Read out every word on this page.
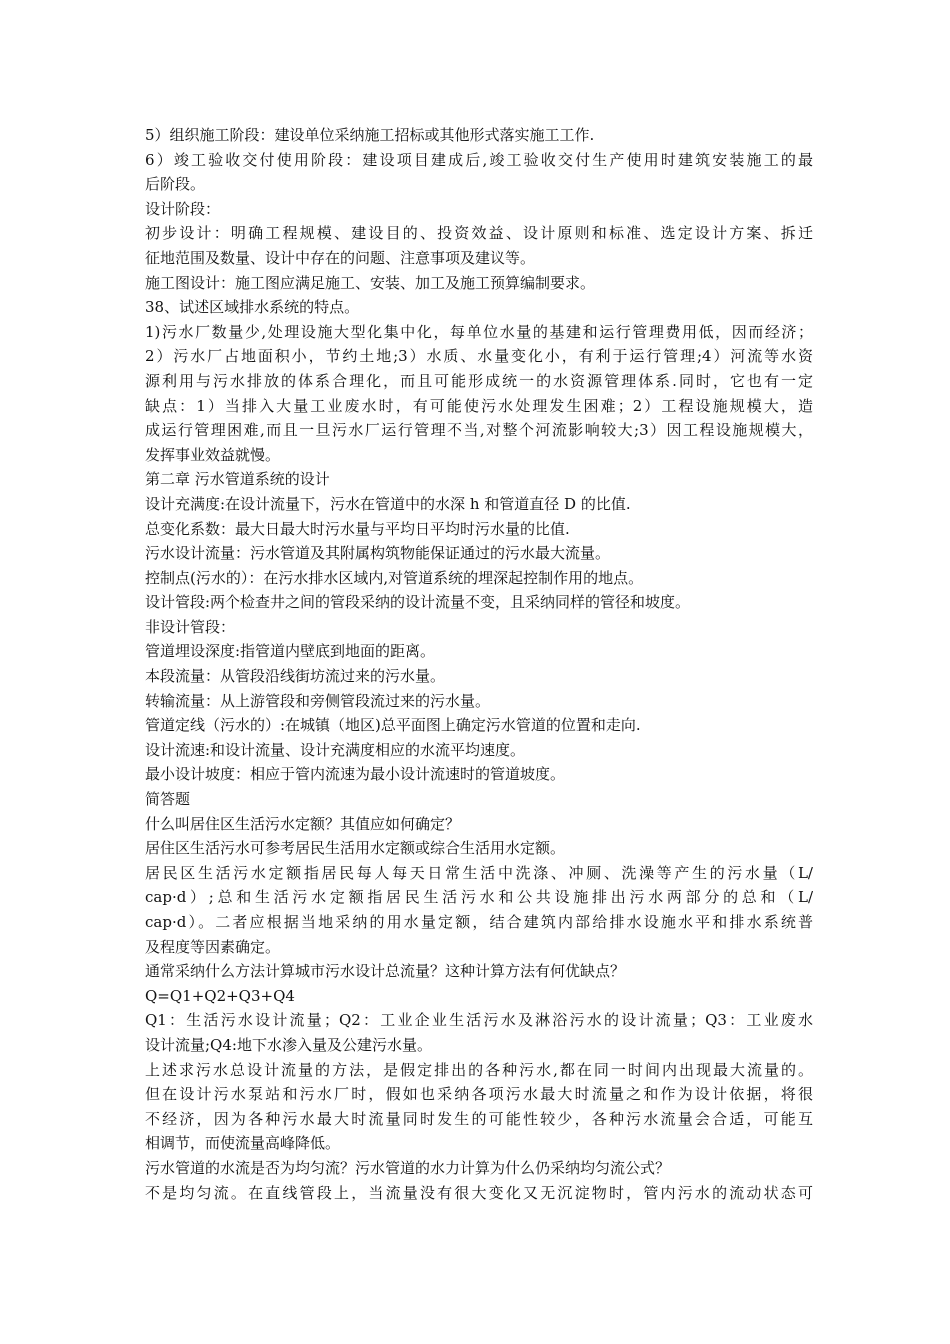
5）组织施工阶段：建设单位采纳施工招标或其他形式落实施工工作.
6）竣工验收交付使用阶段：建设项目建成后,竣工验收交付生产使用时建筑安装施工的最
后阶段。
设计阶段：
初步设计：明确工程规模、建设目的、投资效益、设计原则和标准、选定设计方案、拆迁
征地范围及数量、设计中存在的问题、注意事项及建议等。
施工图设计：施工图应满足施工、安装、加工及施工预算编制要求。
38、试述区域排水系统的特点。
1)污水厂数量少,处理设施大型化集中化，每单位水量的基建和运行管理费用低，因而经济；
2）污水厂占地面积小，节约土地;3）水质、水量变化小，有利于运行管理;4）河流等水资
源利用与污水排放的体系合理化，而且可能形成统一的水资源管理体系.同时，它也有一定
缺点：1）当排入大量工业废水时，有可能使污水处理发生困难；2）工程设施规模大，造
成运行管理困难,而且一旦污水厂运行管理不当,对整个河流影响较大;3）因工程设施规模大，
发挥事业效益就慢。
第二章 污水管道系统的设计
设计充满度:在设计流量下，污水在管道中的水深 h 和管道直径 D 的比值.
总变化系数：最大日最大时污水量与平均日平均时污水量的比值.
污水设计流量：污水管道及其附属构筑物能保证通过的污水最大流量。
控制点(污水的）：在污水排水区域内,对管道系统的埋深起控制作用的地点。
设计管段:两个检查井之间的管段采纳的设计流量不变，且采纳同样的管径和坡度。
非设计管段：
管道埋设深度:指管道内壁底到地面的距离。
本段流量：从管段沿线街坊流过来的污水量。
转输流量：从上游管段和旁侧管段流过来的污水量。
管道定线（污水的）:在城镇（地区)总平面图上确定污水管道的位置和走向.
设计流速:和设计流量、设计充满度相应的水流平均速度。
最小设计坡度：相应于管内流速为最小设计流速时的管道坡度。
简答题
什么叫居住区生活污水定额？其值应如何确定？
居住区生活污水可参考居民生活用水定额或综合生活用水定额。
居民区生活污水定额指居民每人每天日常生活中洗涤、冲厕、洗澡等产生的污水量（L/
cap·d）;总和生活污水定额指居民生活污水和公共设施排出污水两部分的总和（L/
cap·d）。二者应根据当地采纳的用水量定额，结合建筑内部给排水设施水平和排水系统普
及程度等因素确定。
通常采纳什么方法计算城市污水设计总流量？这种计算方法有何优缺点？
Q=Q1+Q2+Q3+Q4
Q1：生活污水设计流量；Q2：工业企业生活污水及淋浴污水的设计流量；Q3：工业废水
设计流量;Q4:地下水渗入量及公建污水量。
上述求污水总设计流量的方法，是假定排出的各种污水,都在同一时间内出现最大流量的。
但在设计污水泵站和污水厂时，假如也采纳各项污水最大时流量之和作为设计依据，将很
不经济，因为各种污水最大时流量同时发生的可能性较少，各种污水流量会合适，可能互
相调节，而使流量高峰降低。
污水管道的水流是否为均匀流？污水管道的水力计算为什么仍采纳均匀流公式？
不是均匀流。在直线管段上，当流量没有很大变化又无沉淀物时，管内污水的流动状态可
